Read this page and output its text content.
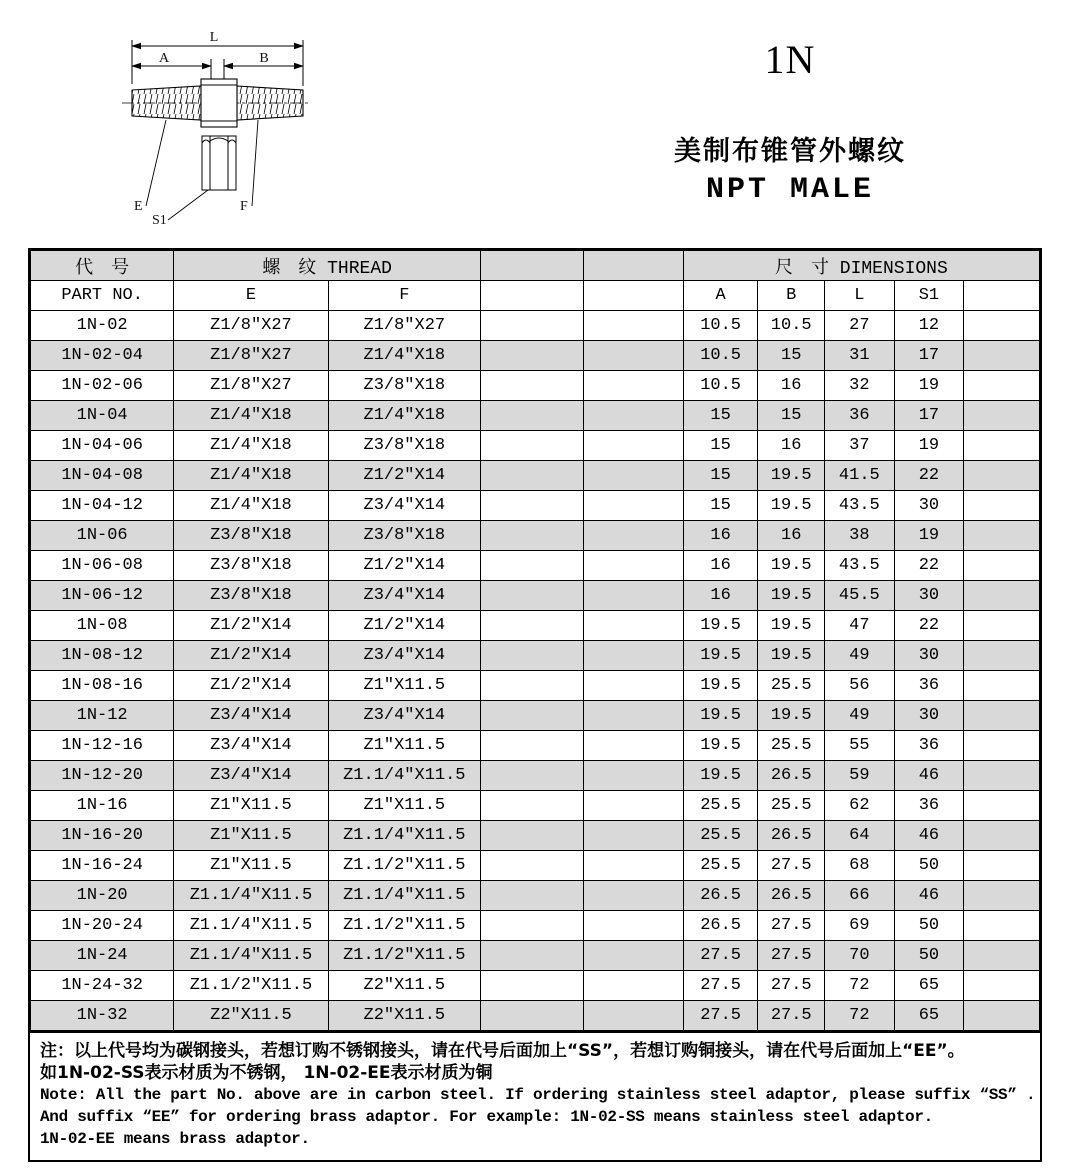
L
A	B
E
S1
F
1N
美制布锥管外螺纹
NPT MALE
代　号	螺　纹 THREAD				尺　寸 DIMENSIONS				
PART NO.	E	F			A	B	L	S1	
1N-02	Z1/8″X27	Z1/8″X27			10.5	10.5	27	12	
1N-02-04	Z1/8″X27	Z1/4″X18			10.5	15	31	17	
1N-02-06	Z1/8″X27	Z3/8″X18			10.5	16	32	19	
1N-04	Z1/4″X18	Z1/4″X18			15	15	36	17	
1N-04-06	Z1/4″X18	Z3/8″X18			15	16	37	19	
1N-04-08	Z1/4″X18	Z1/2″X14			15	19.5	41.5	22	
1N-04-12	Z1/4″X18	Z3/4″X14			15	19.5	43.5	30	
1N-06	Z3/8″X18	Z3/8″X18			16	16	38	19	
1N-06-08	Z3/8″X18	Z1/2″X14			16	19.5	43.5	22	
1N-06-12	Z3/8″X18	Z3/4″X14			16	19.5	45.5	30	
1N-08	Z1/2″X14	Z1/2″X14			19.5	19.5	47	22	
1N-08-12	Z1/2″X14	Z3/4″X14			19.5	19.5	49	30	
1N-08-16	Z1/2″X14	Z1″X11.5			19.5	25.5	56	36	
1N-12	Z3/4″X14	Z3/4″X14			19.5	19.5	49	30	
1N-12-16	Z3/4″X14	Z1″X11.5			19.5	25.5	55	36	
1N-12-20	Z3/4″X14	Z1.1/4″X11.5			19.5	26.5	59	46	
1N-16	Z1″X11.5	Z1″X11.5			25.5	25.5	62	36	
1N-16-20	Z1″X11.5	Z1.1/4″X11.5			25.5	26.5	64	46	
1N-16-24	Z1″X11.5	Z1.1/2″X11.5			25.5	27.5	68	50	
1N-20	Z1.1/4″X11.5	Z1.1/4″X11.5			26.5	26.5	66	46	
1N-20-24	Z1.1/4″X11.5	Z1.1/2″X11.5			26.5	27.5	69	50	
1N-24	Z1.1/4″X11.5	Z1.1/2″X11.5			27.5	27.5	70	50	
1N-24-32	Z1.1/2″X11.5	Z2″X11.5			27.5	27.5	72	65	
1N-32	Z2″X11.5	Z2″X11.5			27.5	27.5	72	65	
注：以上代号均为碳钢接头，若想订购不锈钢接头，请在代号后面加上“SS”，若想订购铜接头，请在代号后面加上“EE”。
如1N-02-SS表示材质为不锈钢， 1N-02-EE表示材质为铜
Note: All the part No. above are in carbon steel. If ordering stainless steel adaptor, please suffix “SS” .
And suffix “EE” for ordering brass adaptor. For example: 1N-02-SS means stainless steel adaptor.
1N-02-EE means brass adaptor.
